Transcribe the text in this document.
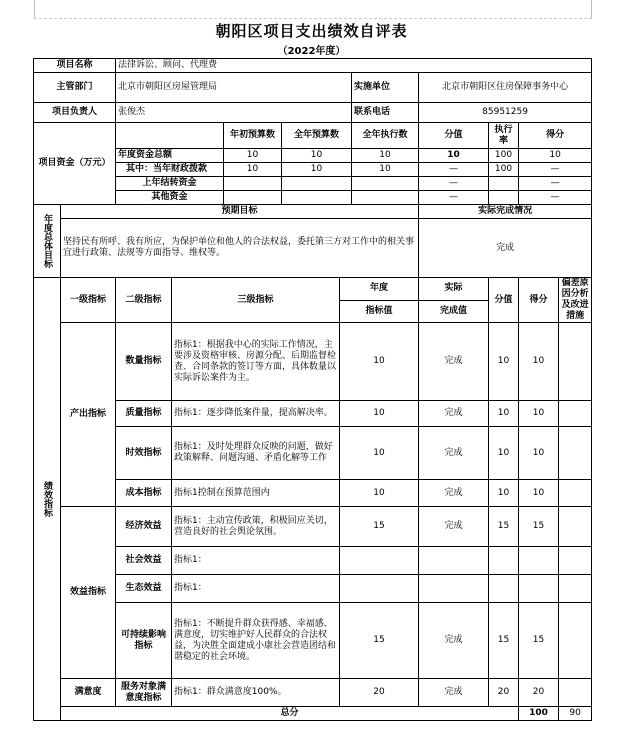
朝阳区项目支出绩效自评表
（2022年度）
项目名称		法律诉讼、顾问、代理费										
主管部门		北京市朝阳区房屋管理局					实施单位	北京市朝阳区住房保障事务中心				
项目负责人		张俊杰					联系电话	85951259				
项目资金（万元）				年初预算数	全年预算数		全年执行数	分值	执行率	得分		
		年度资金总额		10	10		10	10	100	10		
		其中：当年财政拨款		10	10		10	—	100	—		
		上年结转资金						—		—		
		其他资金						—		—		

年度总体目标	预期目标							实际完成情况				
	坚持民有所呼、我有所应，为保护单位和他人的合法权益，委托第三方对工作中的相关事宜进行政策、法规等方面指导、维权等。							完成				

绩效指标	一级指标	二级指标	三级指标			年度		实际	分值	得分	偏差原因分析及改进措施	
						指标值		完成值				
	产出指标	数量指标	指标1：根据我中心的实际工作情况，主要涉及资格审核、房源分配、后期监督检查、合同条款的签订等方面，具体数量以实际诉讼案件为主。			10		完成	10	10		
		质量指标	指标1：逐步降低案件量，提高解决率。			10		完成	10	10		
		时效指标	指标1：及时处理群众反映的问题，做好政策解释、问题沟通、矛盾化解等工作			10		完成	10	10		
		成本指标	指标1控制在预算范围内			10		完成	10	10		
	效益指标	经济效益	指标1：主动宣传政策，积极回应关切，营造良好的社会舆论氛围。			15		完成	15	15		
		社会效益	指标1：									
		生态效益	指标1：									
		可持续影响指标	指标1：不断提升群众获得感、幸福感、满意度，切实维护好人民群众的合法权益，为决胜全面建成小康社会营造团结和谐稳定的社会环境。			15		完成	15	15		
	满意度	服务对象满意度指标	指标1：群众满意度100%。			20		完成	20	20		
	总分									100	90	
